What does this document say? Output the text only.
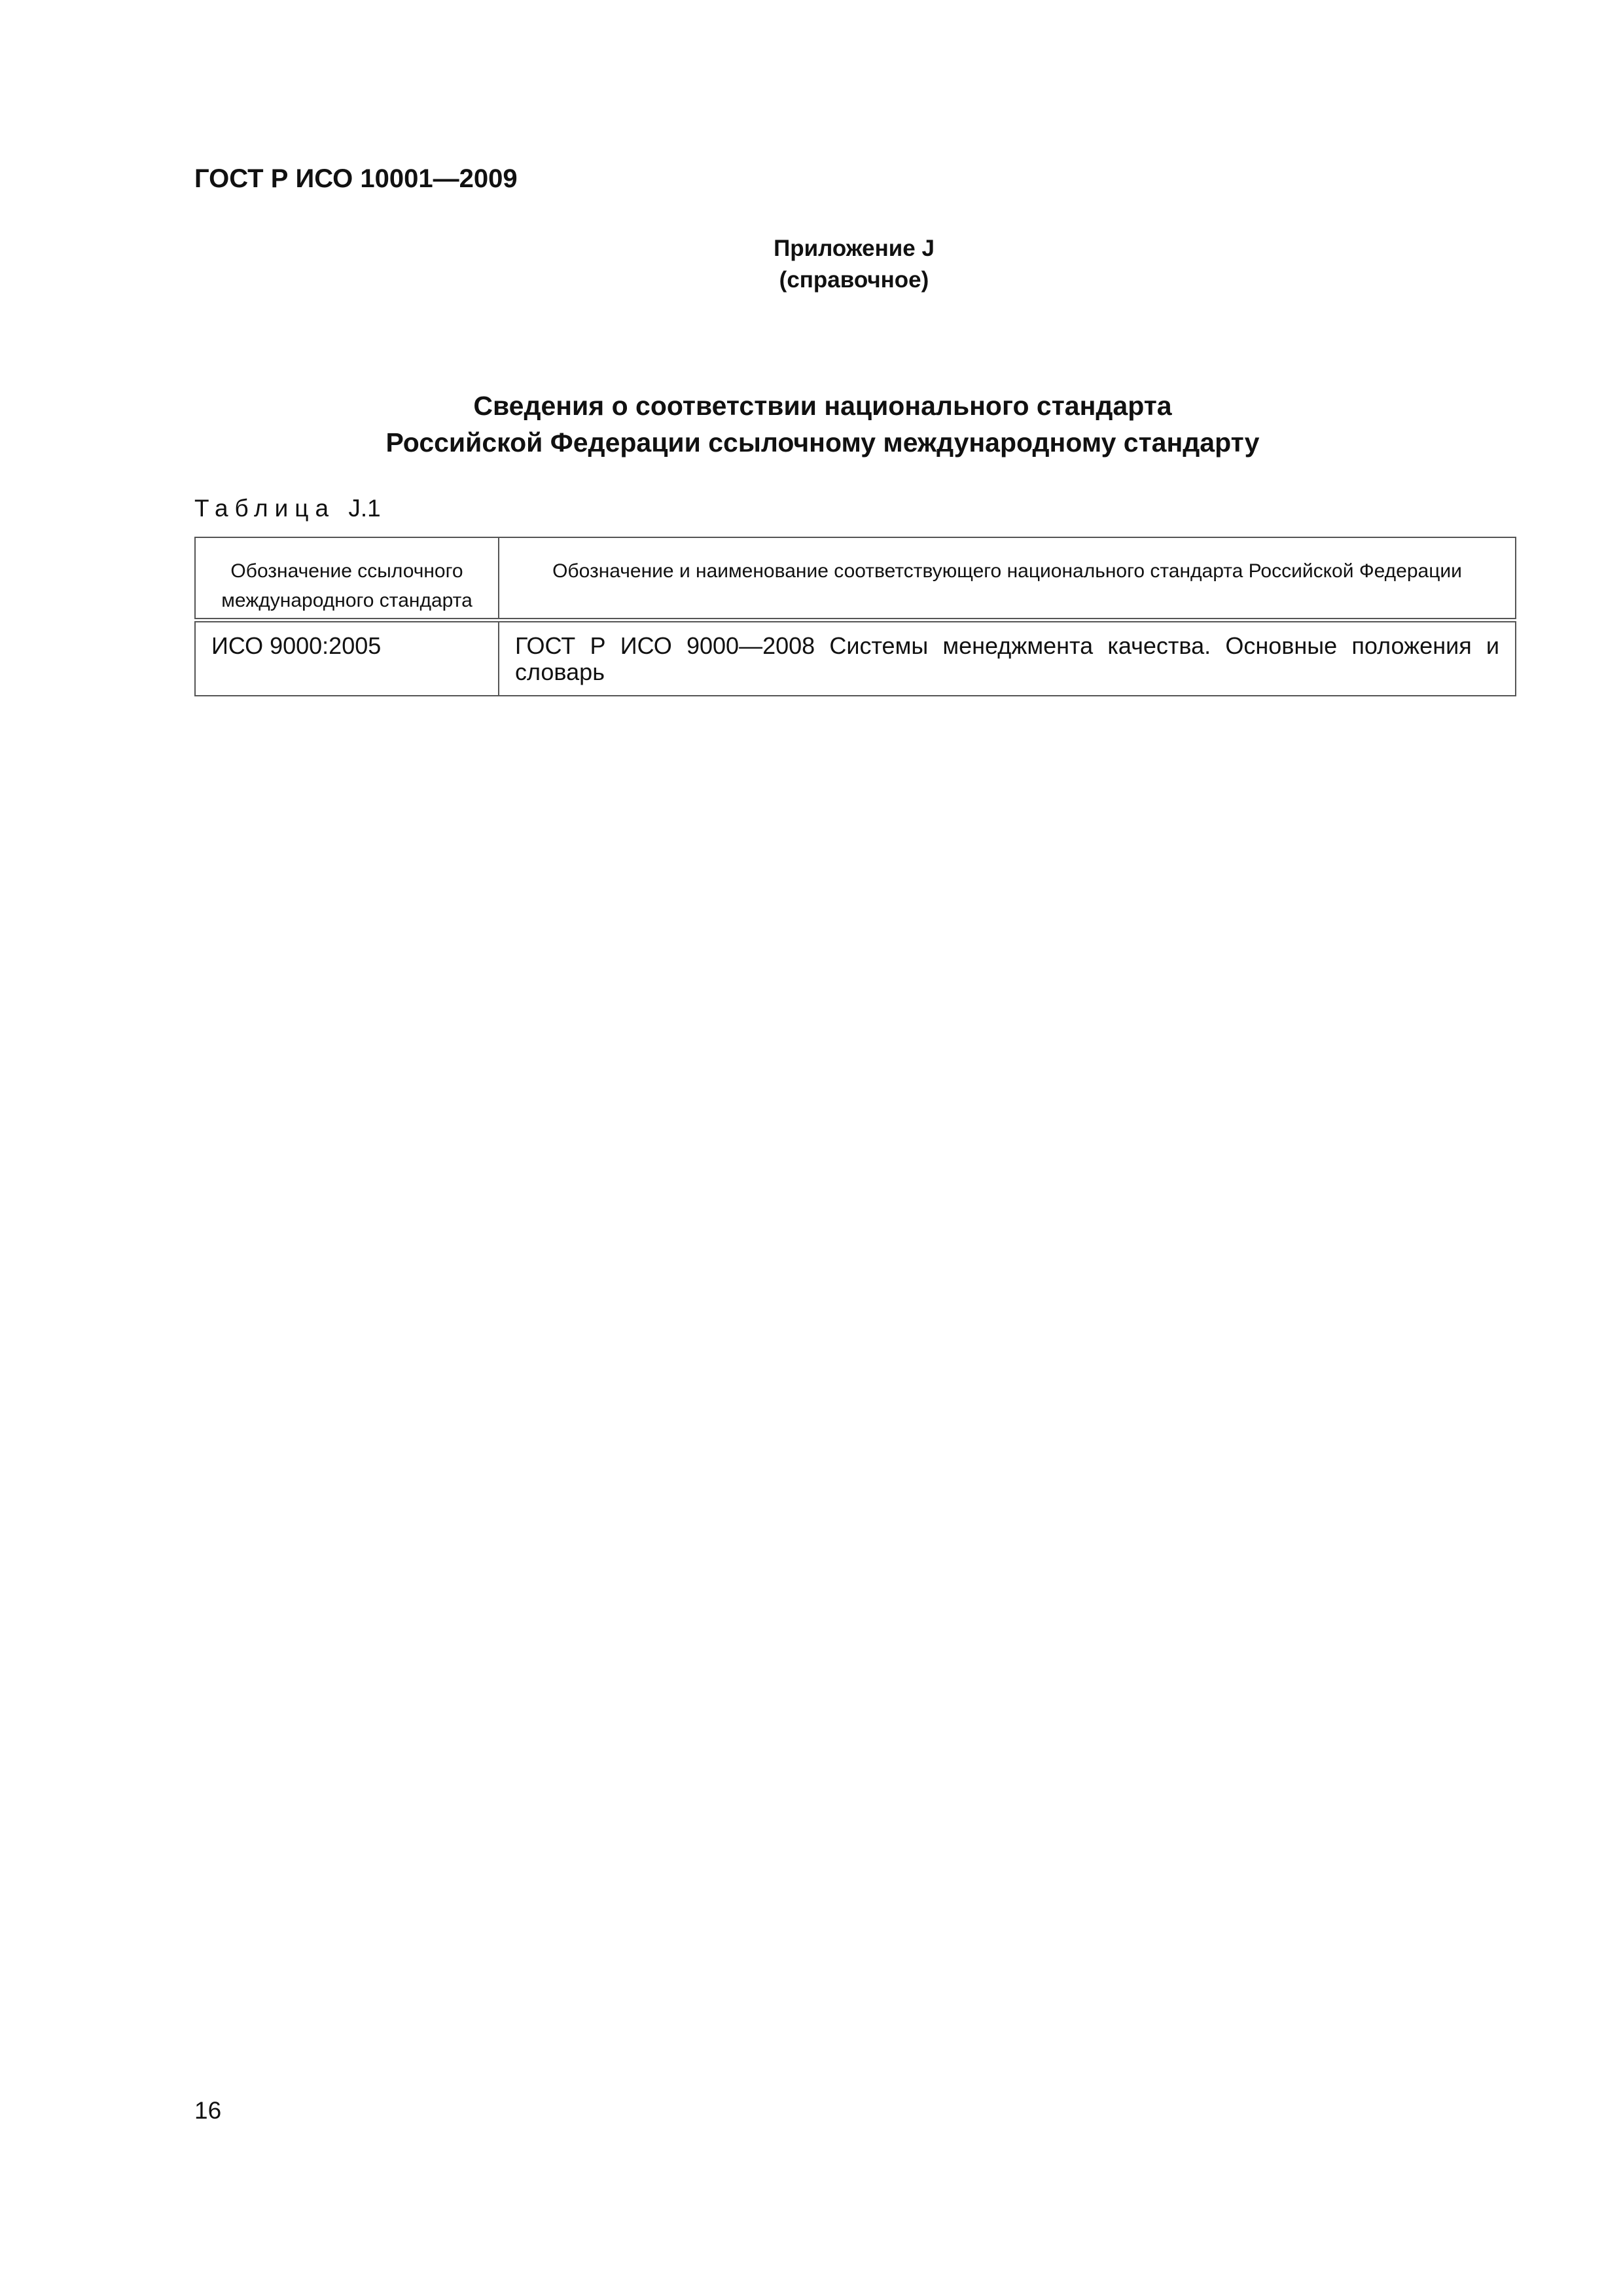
ГОСТ Р ИСО 10001—2009
Приложение J
(справочное)
Сведения о соответствии национального стандарта
Российской Федерации ссылочному международному стандарту
Таблица J.1
Обозначение ссылочного международного стандарта	Обозначение и наименование соответствующего национального стандарта Российской Федерации
ИСО 9000:2005	ГОСТ Р ИСО 9000—2008 Системы менеджмента качества. Основные положения и словарь
16
